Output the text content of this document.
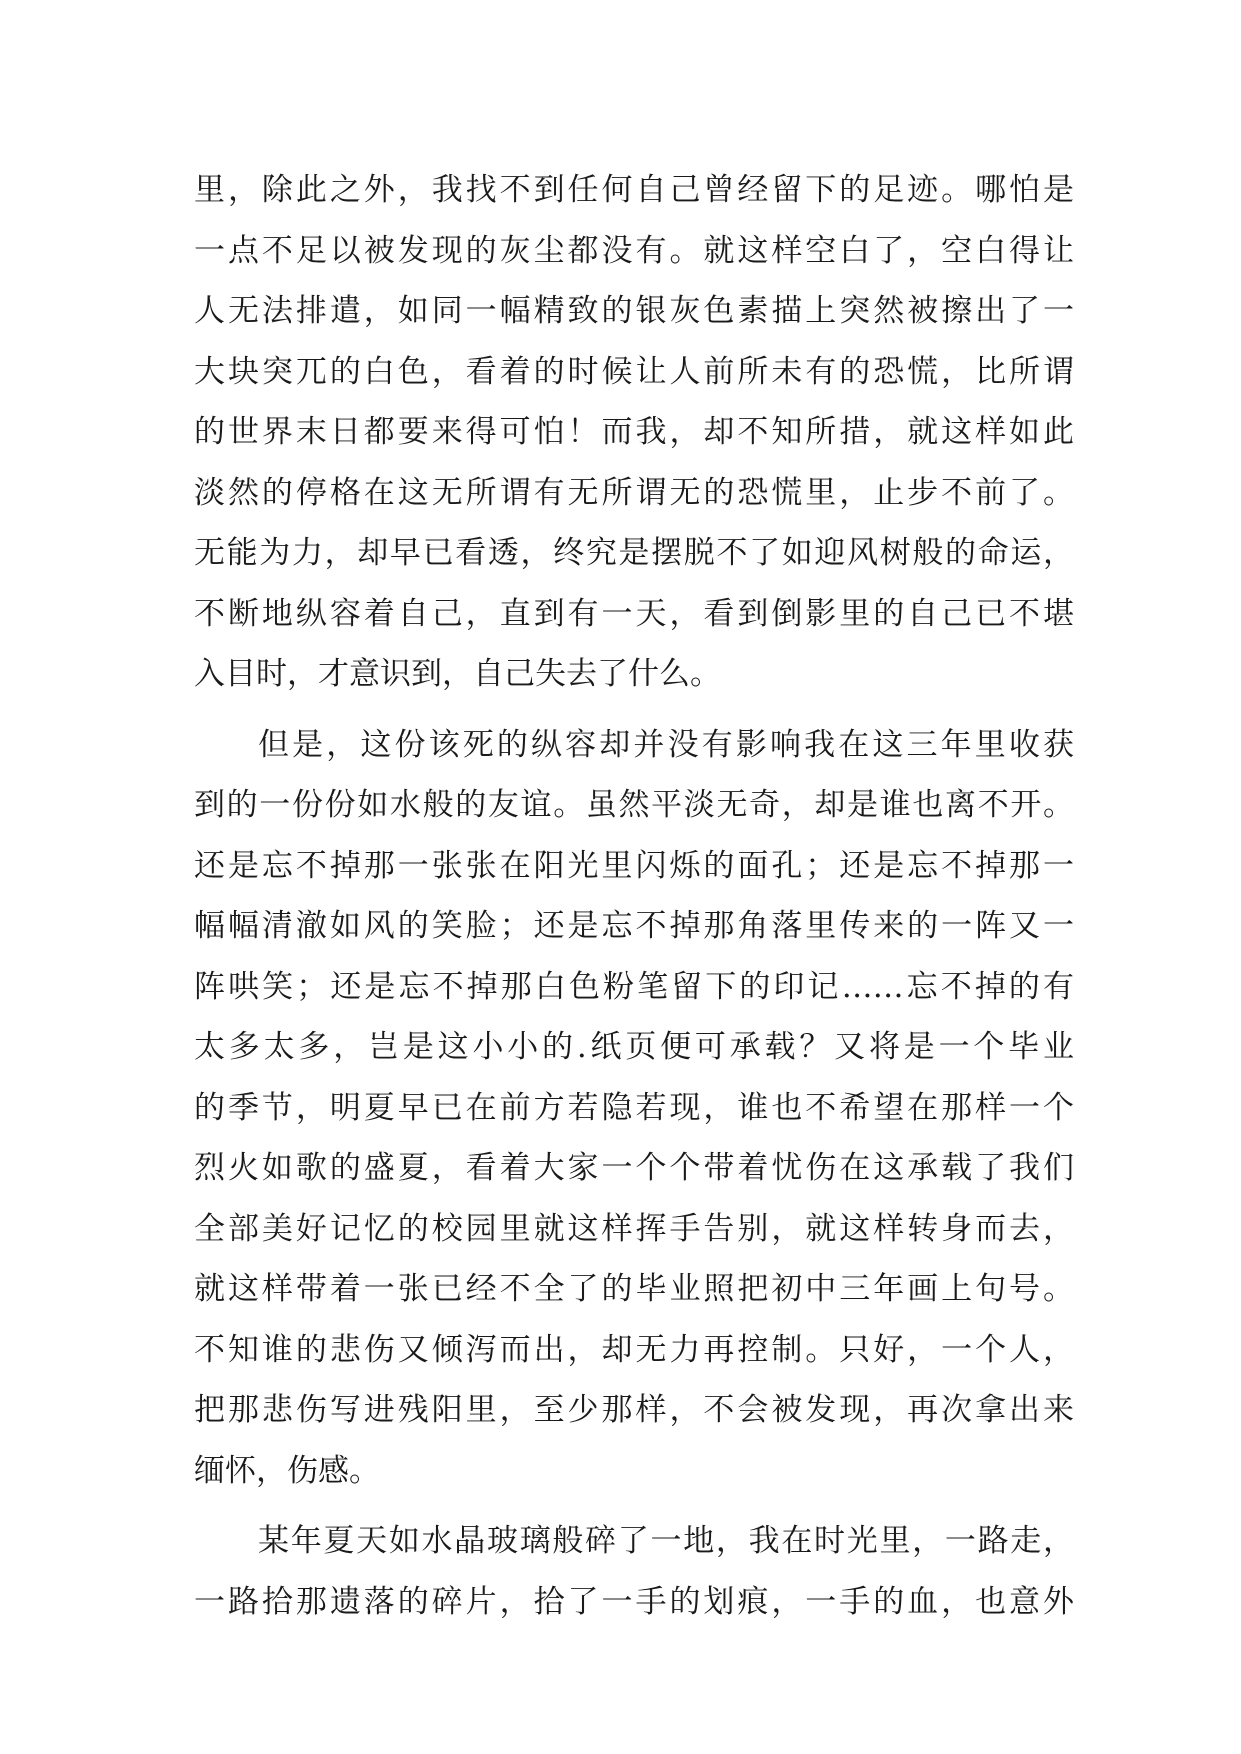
里，除此之外，我找不到任何自己曾经留下的足迹。哪怕是
一点不足以被发现的灰尘都没有。就这样空白了，空白得让
人无法排遣，如同一幅精致的银灰色素描上突然被擦出了一
大块突兀的白色，看着的时候让人前所未有的恐慌，比所谓
的世界末日都要来得可怕！而我，却不知所措，就这样如此
淡然的停格在这无所谓有无所谓无的恐慌里，止步不前了。
无能为力，却早已看透，终究是摆脱不了如迎风树般的命运，
不断地纵容着自己，直到有一天，看到倒影里的自己已不堪
入目时，才意识到，自己失去了什么。
但是，这份该死的纵容却并没有影响我在这三年里收获
到的一份份如水般的友谊。虽然平淡无奇，却是谁也离不开。
还是忘不掉那一张张在阳光里闪烁的面孔；还是忘不掉那一
幅幅清澈如风的笑脸；还是忘不掉那角落里传来的一阵又一
阵哄笑；还是忘不掉那白色粉笔留下的印记……忘不掉的有
太多太多，岂是这小小的.纸页便可承载？又将是一个毕业
的季节，明夏早已在前方若隐若现，谁也不希望在那样一个
烈火如歌的盛夏，看着大家一个个带着忧伤在这承载了我们
全部美好记忆的校园里就这样挥手告别，就这样转身而去，
就这样带着一张已经不全了的毕业照把初中三年画上句号。
不知谁的悲伤又倾泻而出，却无力再控制。只好，一个人，
把那悲伤写进残阳里，至少那样，不会被发现，再次拿出来
缅怀，伤感。
某年夏天如水晶玻璃般碎了一地，我在时光里，一路走，
一路拾那遗落的碎片，拾了一手的划痕，一手的血，也意外
